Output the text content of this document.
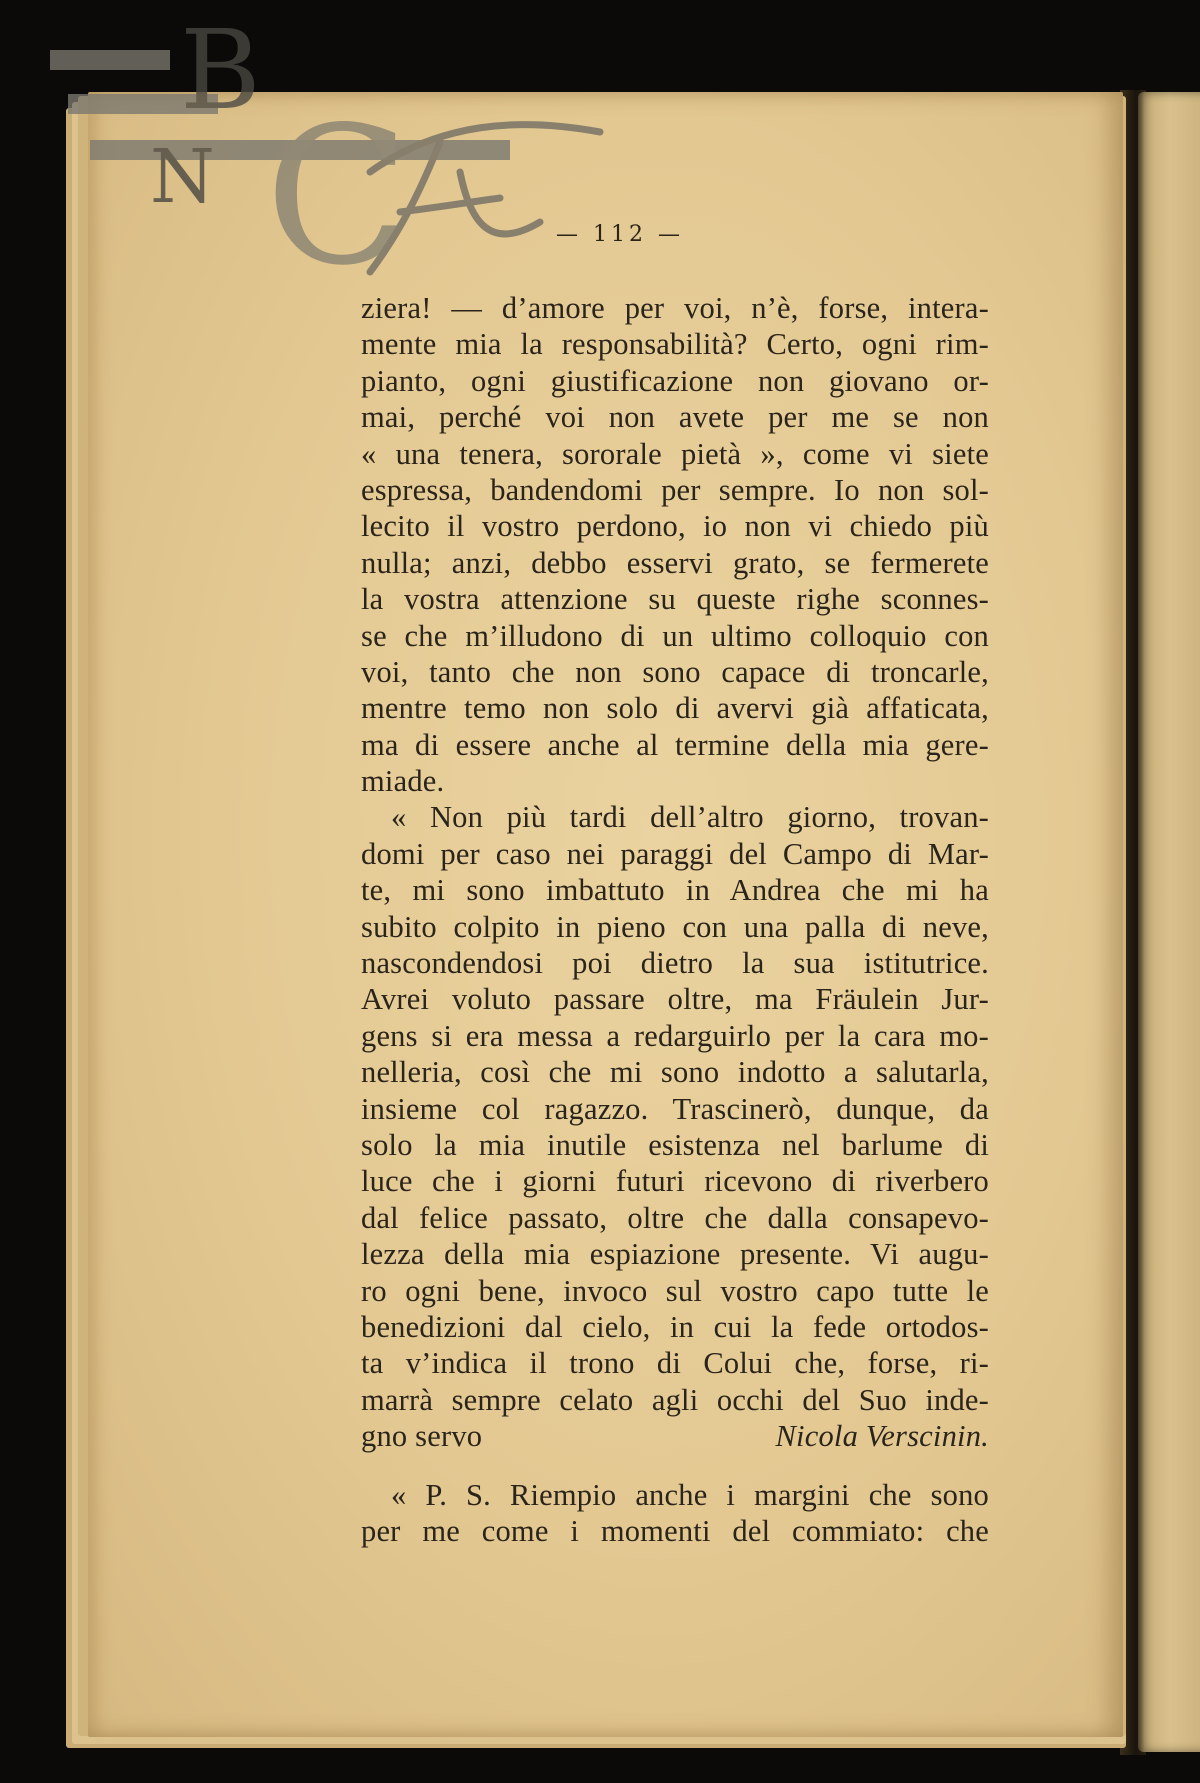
B
N C	— 112 —
ziera! — d’amore per voi, n’è, forse, intera-
mente mia la responsabilità? Certo, ogni rim-
pianto, ogni giustificazione non giovano or-
mai, perché voi non avete per me se non
« una tenera, sororale pietà », come vi siete
espressa, bandendomi per sempre. Io non sol-
lecito il vostro perdono, io non vi chiedo più
nulla; anzi, debbo esservi grato, se fermerete
la vostra attenzione su queste righe sconnes-
se che m’illudono di un ultimo colloquio con
voi, tanto che non sono capace di troncarle,
mentre temo non solo di avervi già affaticata,
ma di essere anche al termine della mia gere-
miade.
« Non più tardi dell’altro giorno, trovan-
domi per caso nei paraggi del Campo di Mar-
te, mi sono imbattuto in Andrea che mi ha
subito colpito in pieno con una palla di neve,
nascondendosi poi dietro la sua istitutrice.
Avrei voluto passare oltre, ma Fräulein Jur-
gens si era messa a redarguirlo per la cara mo-
nelleria, così che mi sono indotto a salutarla,
insieme col ragazzo. Trascinerò, dunque, da
solo la mia inutile esistenza nel barlume di
luce che i giorni futuri ricevono di riverbero
dal felice passato, oltre che dalla consapevo-
lezza della mia espiazione presente. Vi augu-
ro ogni bene, invoco sul vostro capo tutte le
benedizioni dal cielo, in cui la fede ortodos-
ta v’indica il trono di Colui che, forse, ri-
marrà sempre celato agli occhi del Suo inde-
gno servo	Nicola Verscinin.
« P. S. Riempio anche i margini che sono
per me come i momenti del commiato: che
